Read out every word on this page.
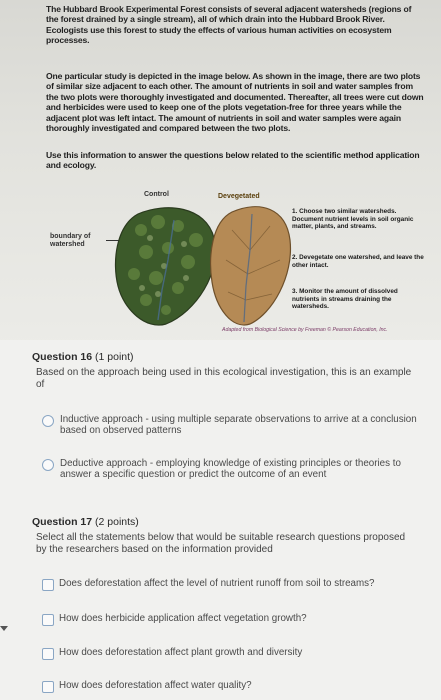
The Hubbard Brook Experimental Forest consists of several adjacent watersheds (regions of the forest drained by a single stream), all of which drain into the Hubbard Brook River. Ecologists use this forest to study the effects of various human activities on ecosystem processes.
One particular study is depicted in the image below. As shown in the image, there are two plots of similar size adjacent to each other. The amount of nutrients in soil and water samples from the two plots were thoroughly investigated and documented. Thereafter, all trees were cut down and herbicides were used to keep one of the plots vegetation-free for three years while the adjacent plot was left intact. The amount of nutrients in soil and water samples were again thoroughly investigated and compared between the two plots.
Use this information to answer the questions below related to the scientific method application and ecology.
Control	Devegetated
boundary of watershed
1. Choose two similar watersheds. Document nutrient levels in soil organic matter, plants, and streams.
2. Devegetate one watershed, and leave the other intact.
3. Monitor the amount of dissolved nutrients in streams draining the watersheds.
Adapted from Biological Science by Freeman © Pearson Education, Inc.
Question 16 (1 point)
Based on the approach being used in this ecological investigation, this is an example of
Inductive approach - using multiple separate observations to arrive at a conclusion based on observed patterns
Deductive approach - employing knowledge of existing principles or theories to answer a specific question or predict the outcome of an event
Question 17 (2 points)
Select all the statements below that would be suitable research questions proposed by the researchers based on the information provided
Does deforestation affect the level of nutrient runoff from soil to streams?
How does herbicide application affect vegetation growth?
How does deforestation affect plant growth and diversity
How does deforestation affect water quality?
